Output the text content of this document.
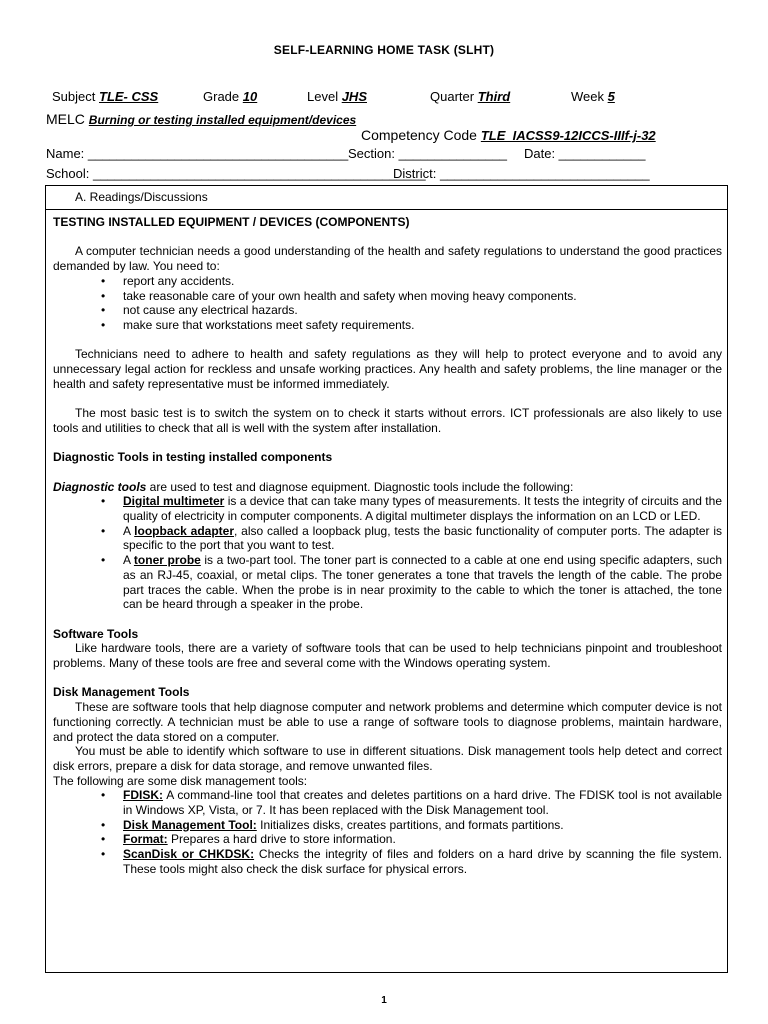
SELF-LEARNING HOME TASK (SLHT)
Subject TLE- CSS	Grade 10	Level JHS	Quarter Third	Week 5
MELC Burning or testing installed equipment/devices
Competency Code TLE_IACSS9-12ICCS-IIIf-j-32
Name: ____________________________________ Section: _______________ Date: ____________
School: ______________________________________________
District: _____________________________
A. Readings/Discussions

TESTING INSTALLED EQUIPMENT / DEVICES (COMPONENTS)

A computer technician needs a good understanding of the health and safety regulations to understand the good practices demanded by law. You need to:

• report any accidents.
• take reasonable care of your own health and safety when moving heavy components.
• not cause any electrical hazards.
• make sure that workstations meet safety requirements.

Technicians need to adhere to health and safety regulations as they will help to protect everyone and to avoid any unnecessary legal action for reckless and unsafe working practices. Any health and safety problems, the line manager or the health and safety representative must be informed immediately.

The most basic test is to switch the system on to check it starts without errors. ICT professionals are also likely to use tools and utilities to check that all is well with the system after installation.

Diagnostic Tools in testing installed components

Diagnostic tools are used to test and diagnose equipment. Diagnostic tools include the following:

• Digital multimeter is a device that can take many types of measurements. It tests the integrity of circuits and the quality of electricity in computer components. A digital multimeter displays the information on an LCD or LED.
• A loopback adapter, also called a loopback plug, tests the basic functionality of computer ports. The adapter is specific to the port that you want to test.
• A toner probe is a two-part tool. The toner part is connected to a cable at one end using specific adapters, such as an RJ-45, coaxial, or metal clips. The toner generates a tone that travels the length of the cable. The probe part traces the cable. When the probe is in near proximity to the cable to which the toner is attached, the tone can be heard through a speaker in the probe.

Software Tools

Like hardware tools, there are a variety of software tools that can be used to help technicians pinpoint and troubleshoot problems. Many of these tools are free and several come with the Windows operating system.

Disk Management Tools

These are software tools that help diagnose computer and network problems and determine which computer device is not functioning correctly. A technician must be able to use a range of software tools to diagnose problems, maintain hardware, and protect the data stored on a computer.

You must be able to identify which software to use in different situations. Disk management tools help detect and correct disk errors, prepare a disk for data storage, and remove unwanted files.

The following are some disk management tools:

• FDISK: A command-line tool that creates and deletes partitions on a hard drive. The FDISK tool is not available in Windows XP, Vista, or 7. It has been replaced with the Disk Management tool.
• Disk Management Tool: Initializes disks, creates partitions, and formats partitions.
• Format: Prepares a hard drive to store information.
• ScanDisk or CHKDSK: Checks the integrity of files and folders on a hard drive by scanning the file system. These tools might also check the disk surface for physical errors.
1
